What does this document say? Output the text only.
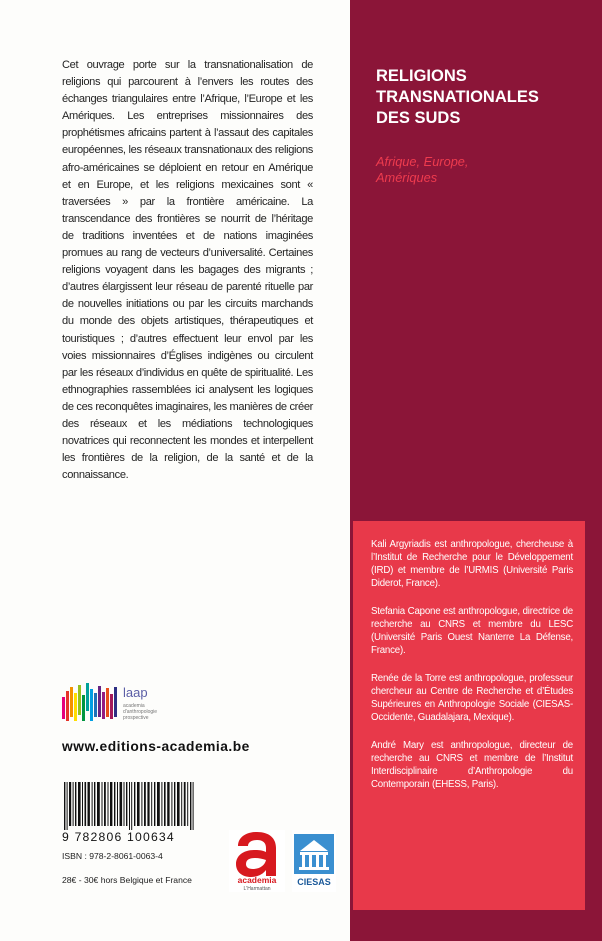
Cet ouvrage porte sur la transnationalisation de religions qui parcourent à l’envers les routes des échanges triangulaires entre l’Afrique, l’Europe et les Amériques. Les entreprises missionnaires des prophétismes africains partent à l’assaut des capitales européennes, les réseaux transnationaux des religions afro-américaines se déploient en retour en Amérique et en Europe, et les religions mexicaines sont « traversées » par la frontière américaine. La transcendance des frontières se nourrit de l’héritage de traditions inventées et de nations imaginées promues au rang de vecteurs d’universalité. Certaines religions voyagent dans les bagages des migrants ; d’autres élargissent leur réseau de parenté rituelle par de nouvelles initiations ou par les circuits marchands du monde des objets artistiques, thérapeutiques et touristiques ; d’autres effectuent leur envol par les voies missionnaires d’Églises indigènes ou circulent par les réseaux d’individus en quête de spiritualité. Les ethnographies rassemblées ici analysent les logiques de ces reconquêtes imaginaires, les manières de créer des réseaux et les médiations technologiques novatrices qui reconnectent les mondes et interpellent les frontières de la religion, de la santé et de la connaissance.
RELIGIONS
TRANSNATIONALES
DES SUDS
Afrique, Europe,
Amériques

Kali Argyriadis est anthropologue, chercheuse à l’Institut de Recherche pour le Développement (IRD) et membre de l’URMIS (Université Paris Diderot, France).

Stefania Capone est anthropologue, directrice de recherche au CNRS et membre du LESC (Université Paris Ouest Nanterre La Défense, France).

Renée de la Torre est anthropologue, professeur chercheur au Centre de Recherche et d’Études Supérieures en Anthropologie Sociale (CIESAS-Occidente, Guadalajara, Mexique).

André Mary est anthropologue, directeur de recherche au CNRS et membre de l’Institut Interdisciplinaire d’Anthropologie du Contemporain (EHESS, Paris).

laap
academia
d'anthropologie
prospective
www.editions-academia.be
9 782806 100634
ISBN : 978-2-8061-0063-4
28€ - 30€ hors Belgique et France	academia
L'Harmattan
CIESAS
